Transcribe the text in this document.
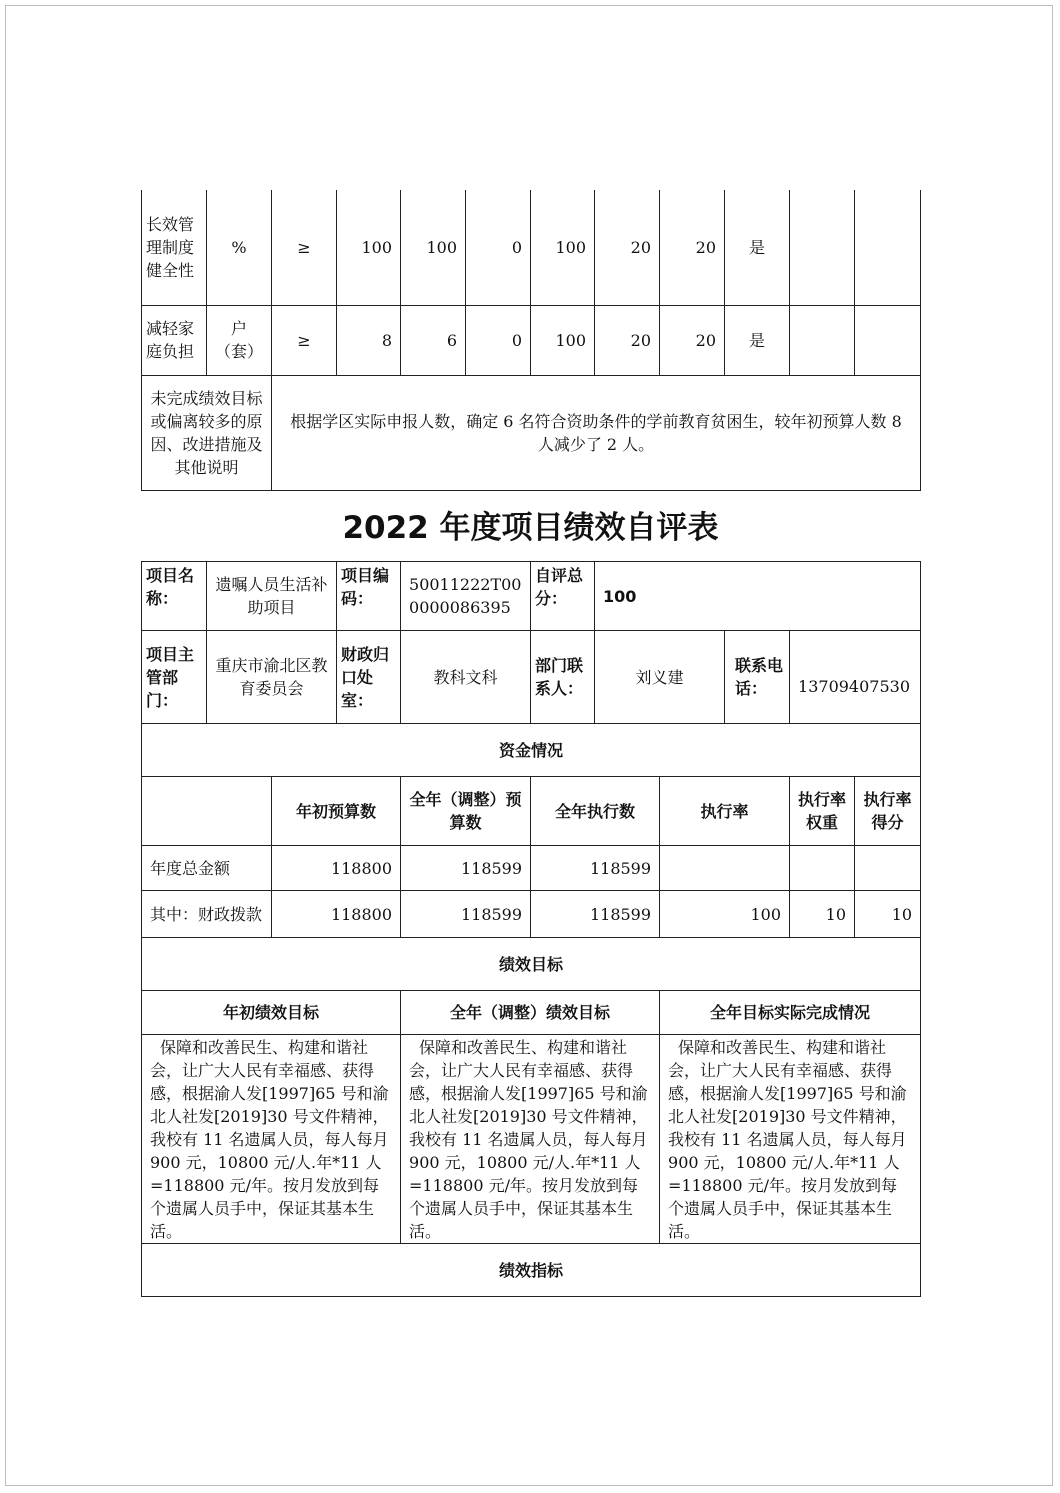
长效管理制度健全性	%	≥	100	100	0	100	20	20	是		
减轻家庭负担	户（套）	≥	8	6	0	100	20	20	是		
未完成绩效目标或偏离较多的原因、改进措施及其他说明		根据学区实际申报人数，确定 6 名符合资助条件的学前教育贫困生，较年初预算人数 8 人减少了 2 人。									
2022 年度项目绩效自评表
项目名称：	遗嘱人员生活补助项目		项目编码：	50011222T000000086395	自评总分：	100				
项目主管部门：	重庆市渝北区教育委员会		财政归口处室：	教科文科	部门联系人：	刘义建		联系电话：	13709407530	
资金情况										
		年初预算数		全年（调整）预算数	全年执行数		执行率		执行率权重	执行率得分
年度总金额		118800		118599	118599					
其中：财政拨款		118800		118599	118599		100		10	10
绩效目标										
年初绩效目标				全年（调整）绩效目标			全年目标实际完成情况			
保障和改善民生、构建和谐社会，让广大人民有幸福感、获得感，根据渝人发[1997]65 号和渝北人社发[2019]30 号文件精神，我校有 11 名遗属人员，每人每月 900 元，10800 元/人.年*11 人=118800 元/年。按月发放到每个遗属人员手中，保证其基本生活。				保障和改善民生、构建和谐社会，让广大人民有幸福感、获得感，根据渝人发[1997]65 号和渝北人社发[2019]30 号文件精神，我校有 11 名遗属人员，每人每月 900 元，10800 元/人.年*11 人=118800 元/年。按月发放到每个遗属人员手中，保证其基本生活。			保障和改善民生、构建和谐社会，让广大人民有幸福感、获得感，根据渝人发[1997]65 号和渝北人社发[2019]30 号文件精神，我校有 11 名遗属人员，每人每月 900 元，10800 元/人.年*11 人=118800 元/年。按月发放到每个遗属人员手中，保证其基本生活。			
绩效指标										
